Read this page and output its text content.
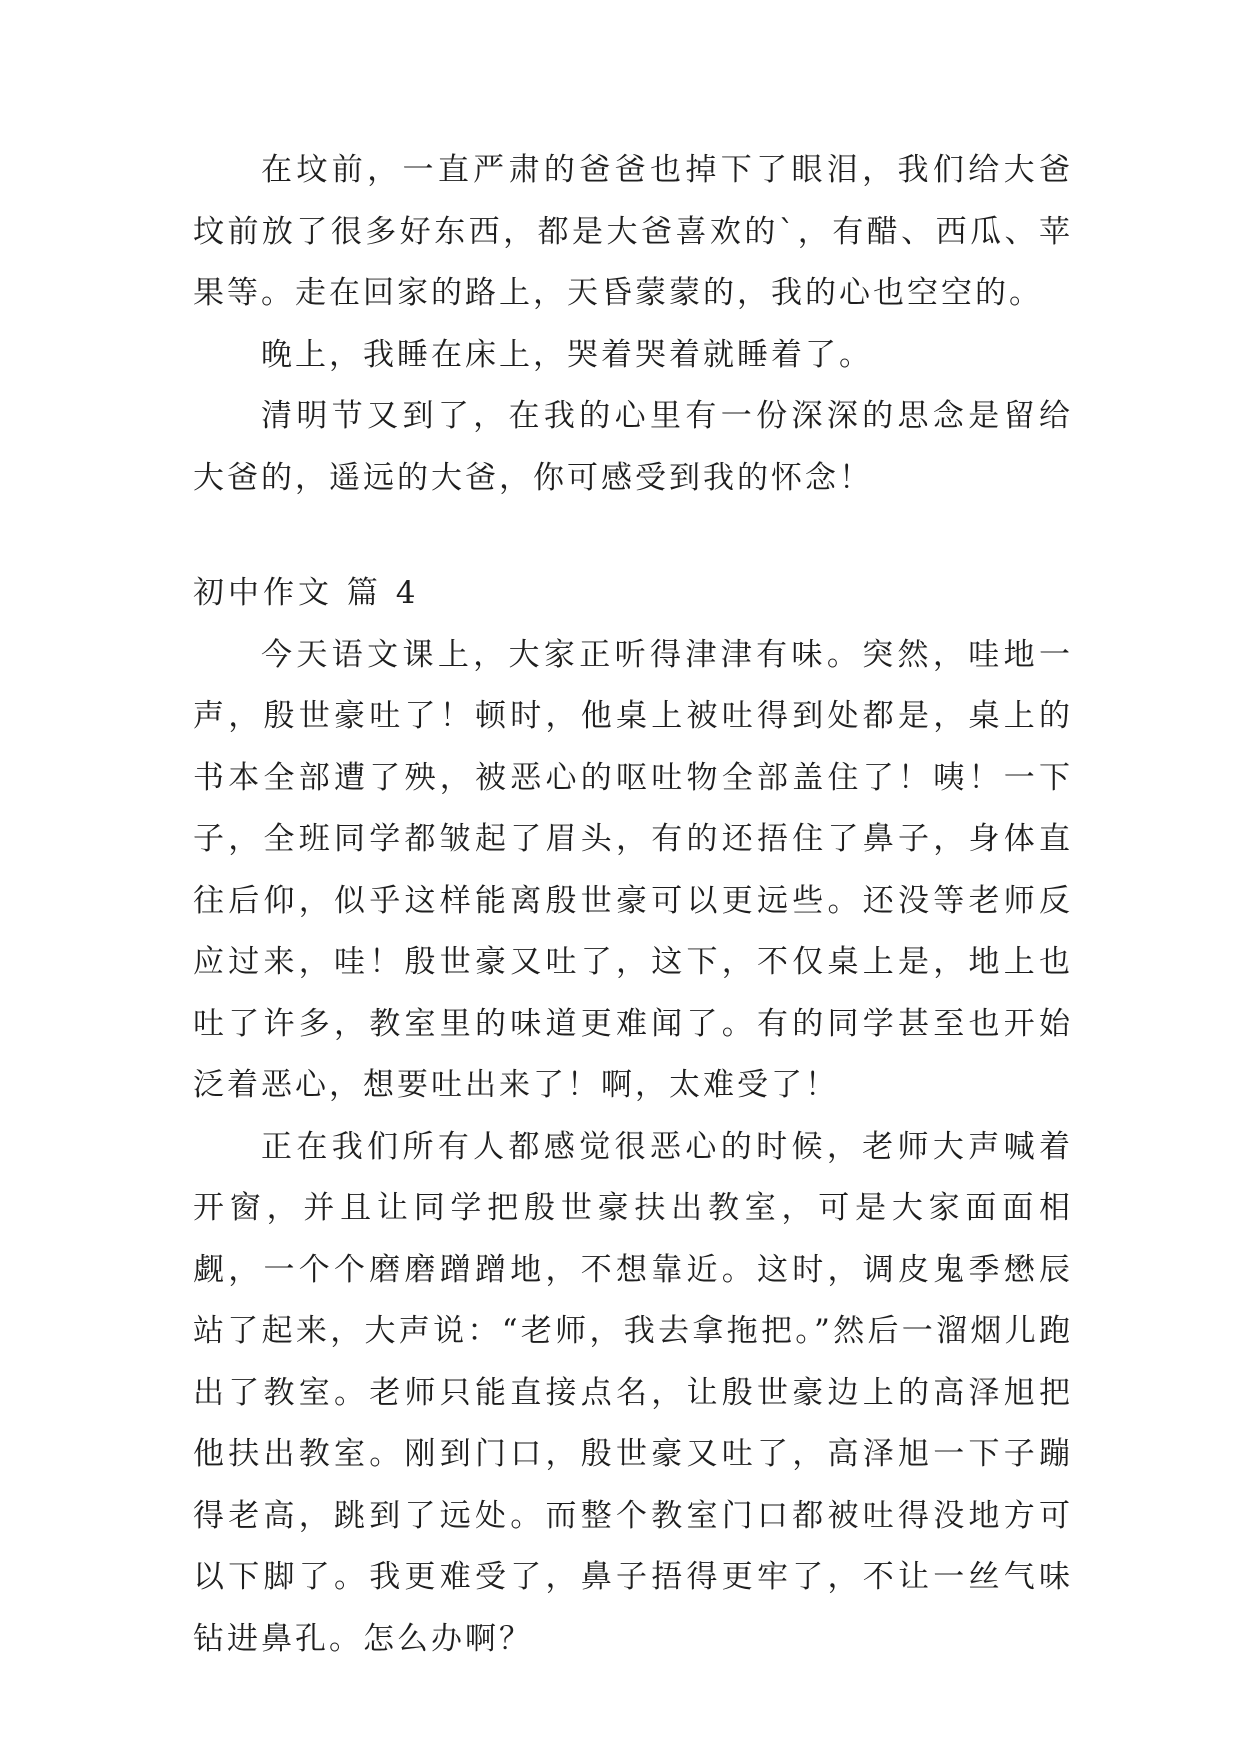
在坟前，一直严肃的爸爸也掉下了眼泪，我们给大爸坟前放了很多好东西，都是大爸喜欢的`，有醋、西瓜、苹果等。走在回家的路上，天昏蒙蒙的，我的心也空空的。

晚上，我睡在床上，哭着哭着就睡着了。

清明节又到了，在我的心里有一份深深的思念是留给大爸的，遥远的大爸，你可感受到我的怀念！

初中作文 篇 4

今天语文课上，大家正听得津津有味。突然，哇地一声，殷世豪吐了！顿时，他桌上被吐得到处都是，桌上的书本全部遭了殃，被恶心的呕吐物全部盖住了！咦！一下子，全班同学都皱起了眉头，有的还捂住了鼻子，身体直往后仰，似乎这样能离殷世豪可以更远些。还没等老师反应过来，哇！殷世豪又吐了，这下，不仅桌上是，地上也吐了许多，教室里的味道更难闻了。有的同学甚至也开始泛着恶心，想要吐出来了！啊，太难受了！

正在我们所有人都感觉很恶心的时候，老师大声喊着开窗，并且让同学把殷世豪扶出教室，可是大家面面相觑，一个个磨磨蹭蹭地，不想靠近。这时，调皮鬼季懋辰站了起来，大声说：“老师，我去拿拖把。”然后一溜烟儿跑出了教室。老师只能直接点名，让殷世豪边上的高泽旭把他扶出教室。刚到门口，殷世豪又吐了，高泽旭一下子蹦得老高，跳到了远处。而整个教室门口都被吐得没地方可以下脚了。我更难受了，鼻子捂得更牢了，不让一丝气味钻进鼻孔。怎么办啊？
